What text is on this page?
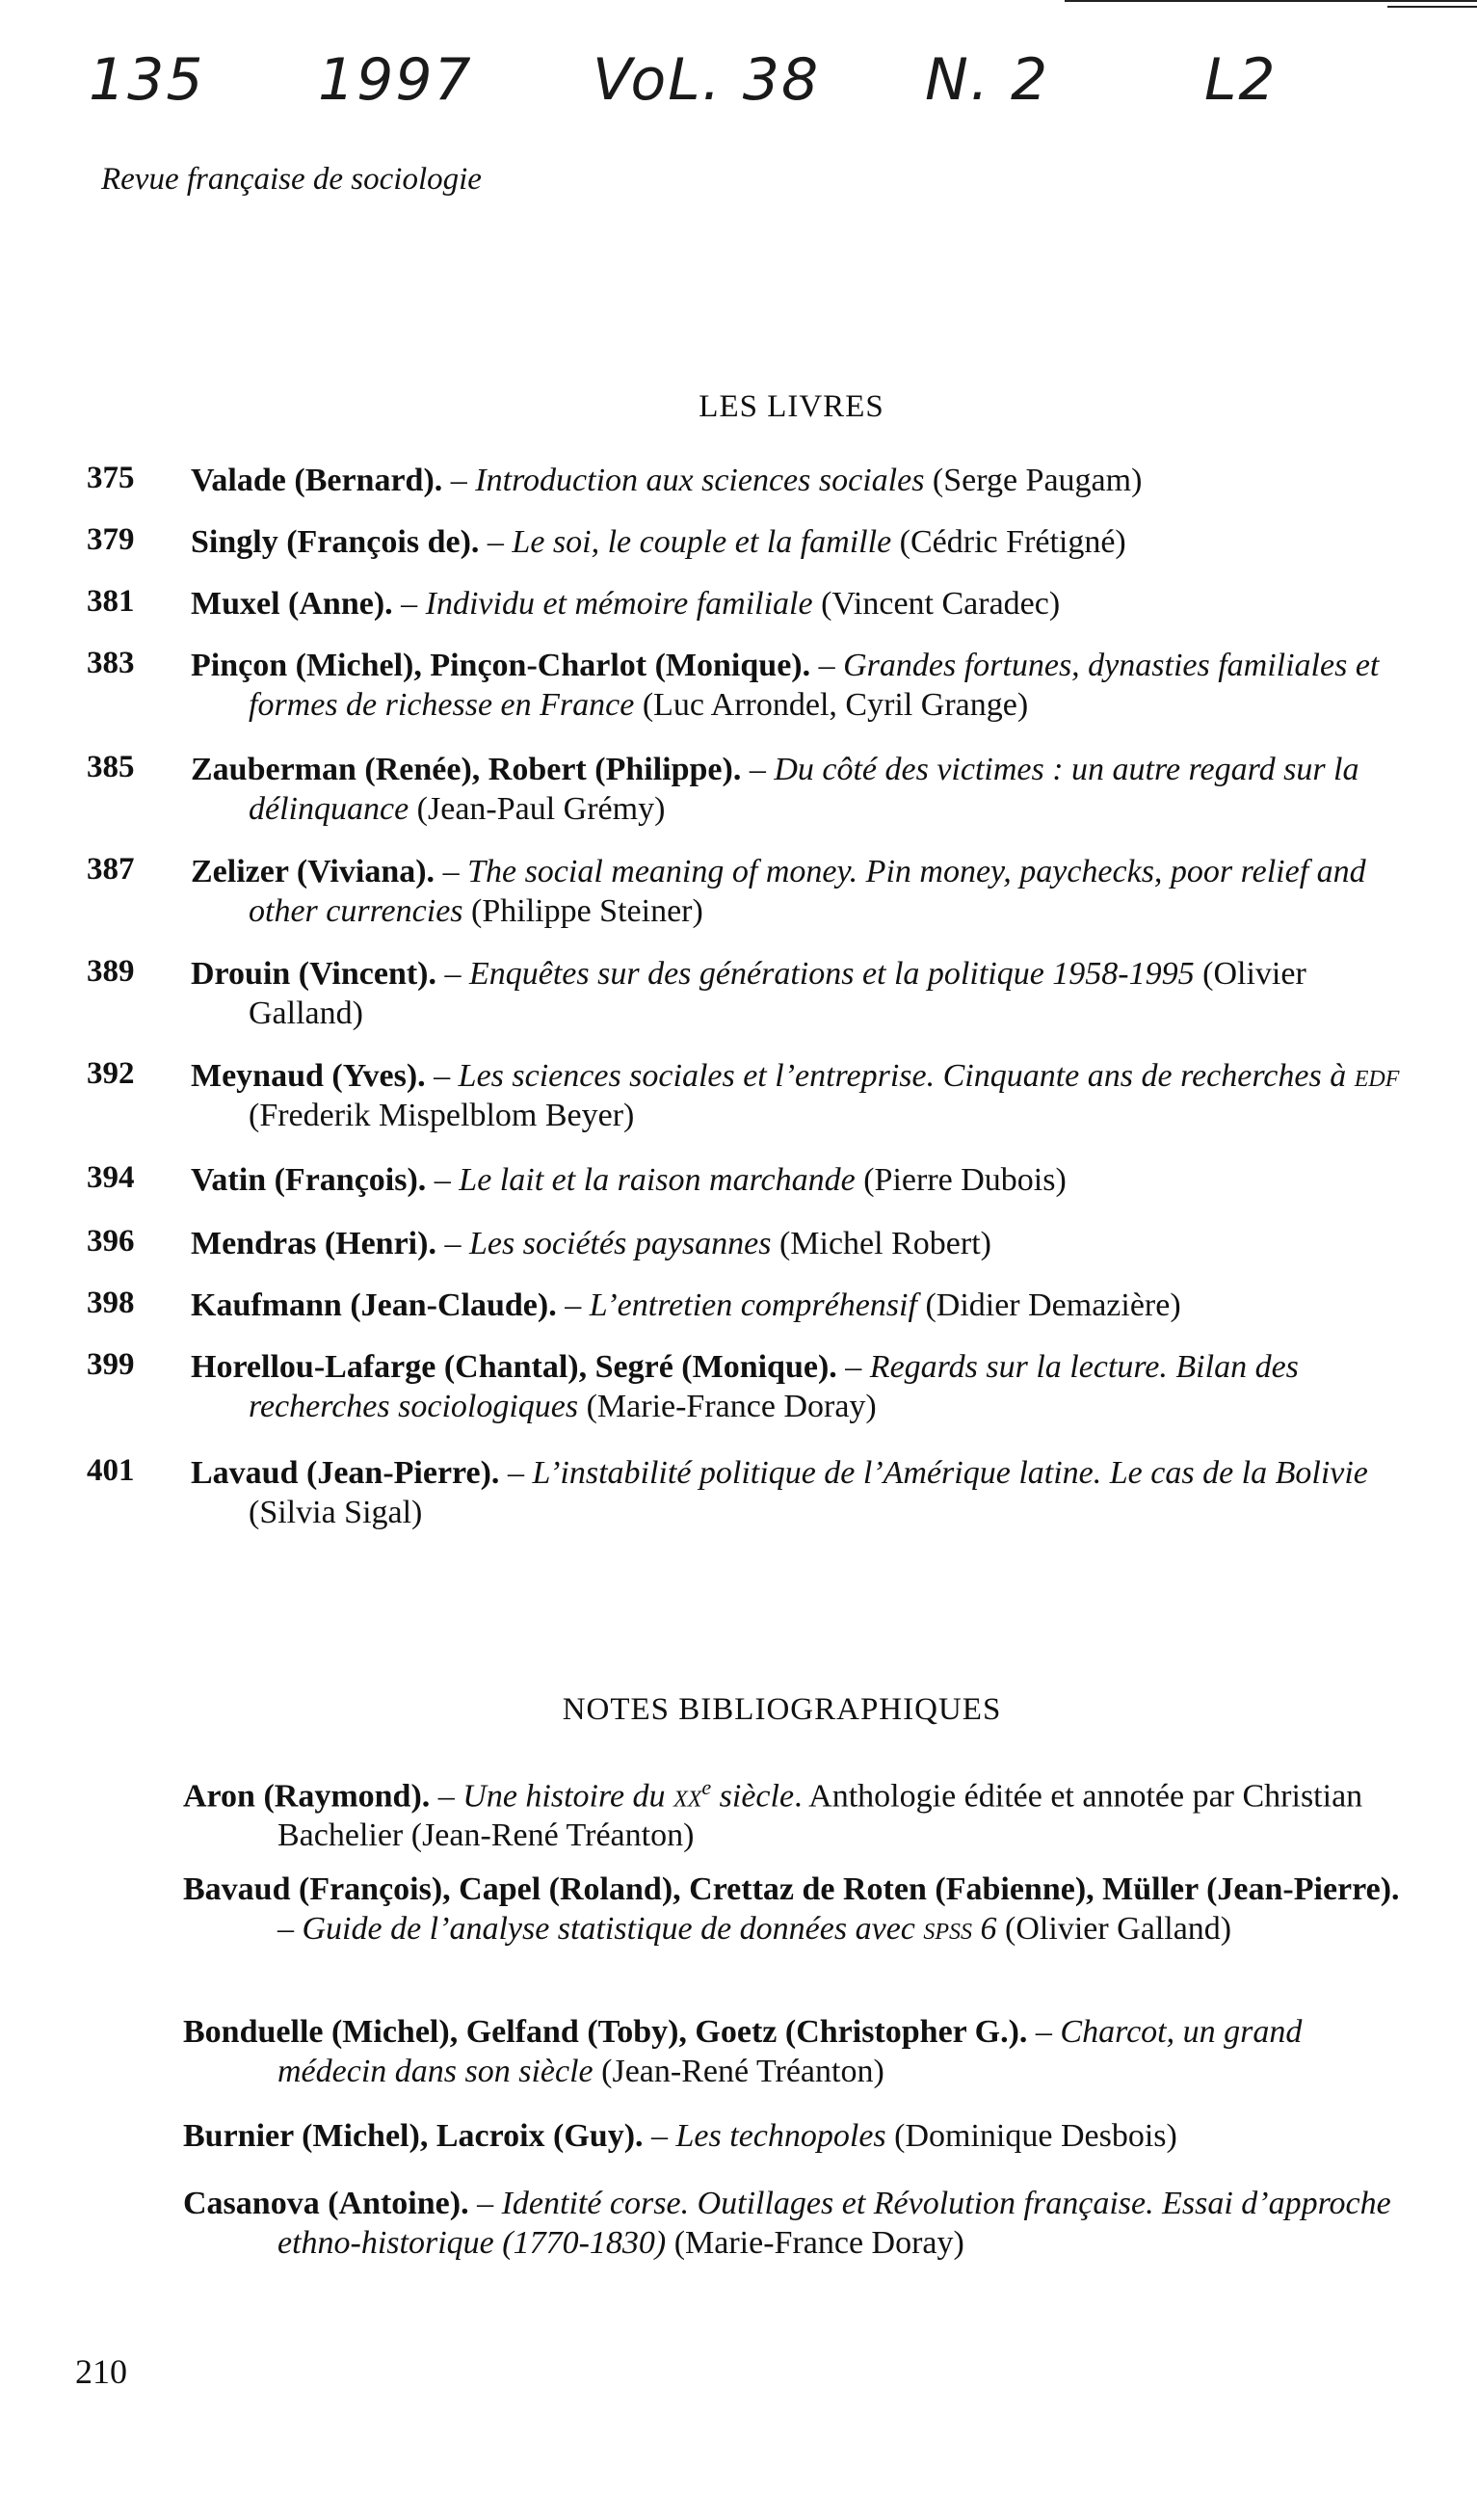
135 1997 VoL. 38 N. 2	L2
Revue française de sociologie
LES LIVRES
375	Valade (Bernard). – Introduction aux sciences sociales (Serge Paugam)
379	Singly (François de). – Le soi, le couple et la famille (Cédric Frétigné)
381	Muxel (Anne). – Individu et mémoire familiale (Vincent Caradec)
383	Pinçon (Michel), Pinçon-Charlot (Monique). – Grandes fortunes, dynasties familiales et formes de richesse en France (Luc Arrondel, Cyril Grange)
385	Zauberman (Renée), Robert (Philippe). – Du côté des victimes : un autre regard sur la délinquance (Jean-Paul Grémy)
387	Zelizer (Viviana). – The social meaning of money. Pin money, paychecks, poor relief and other currencies (Philippe Steiner)
389	Drouin (Vincent). – Enquêtes sur des générations et la politique 1958-1995 (Olivier Galland)
392	Meynaud (Yves). – Les sciences sociales et l’entreprise. Cinquante ans de recherches à edf (Frederik Mispelblom Beyer)
394	Vatin (François). – Le lait et la raison marchande (Pierre Dubois)
396	Mendras (Henri). – Les sociétés paysannes (Michel Robert)
398	Kaufmann (Jean-Claude). – L’entretien compréhensif (Didier Demazière)
399	Horellou-Lafarge (Chantal), Segré (Monique). – Regards sur la lecture. Bilan des recherches sociologiques (Marie-France Doray)
401	Lavaud (Jean-Pierre). – L’instabilité politique de l’Amérique latine. Le cas de la Bolivie (Silvia Sigal)
NOTES BIBLIOGRAPHIQUES
Aron (Raymond). – Une histoire du $xx^e$ siècle. Anthologie éditée et annotée par Christian Bachelier (Jean-René Tréanton)
Bavaud (François), Capel (Roland), Crettaz de Roten (Fabienne), Müller (Jean-Pierre). – Guide de l’analyse statistique de données avec spss 6 (Olivier Galland)
Bonduelle (Michel), Gelfand (Toby), Goetz (Christopher G.). – Charcot, un grand médecin dans son siècle (Jean-René Tréanton)
Burnier (Michel), Lacroix (Guy). – Les technopoles (Dominique Desbois)
Casanova (Antoine). – Identité corse. Outillages et Révolution française. Essai d’approche ethno-historique (1770-1830) (Marie-France Doray)
210
